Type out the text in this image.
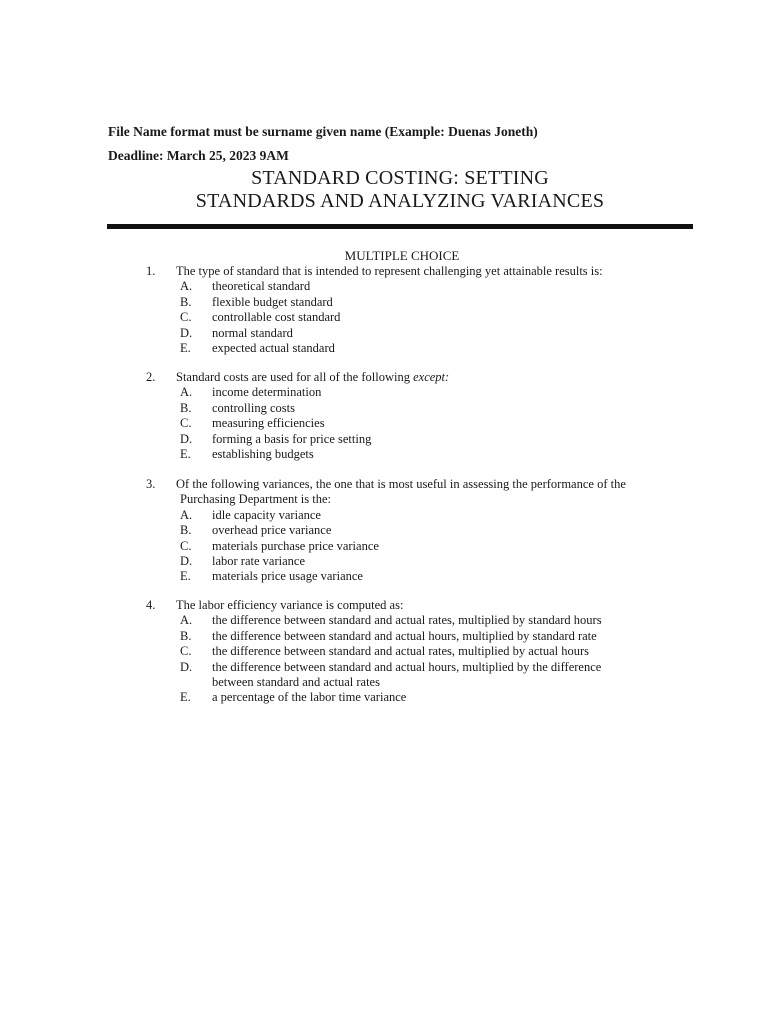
File Name format must be surname given name (Example: Duenas Joneth)
Deadline: March 25, 2023 9AM
STANDARD COSTING: SETTING
STANDARDS AND ANALYZING VARIANCES
MULTIPLE CHOICE
1. The type of standard that is intended to represent challenging yet attainable results is:
A. theoretical standard
B. flexible budget standard
C. controllable cost standard
D. normal standard
E. expected actual standard
2. Standard costs are used for all of the following except:
A. income determination
B. controlling costs
C. measuring efficiencies
D. forming a basis for price setting
E. establishing budgets
3. Of the following variances, the one that is most useful in assessing the performance of the
Purchasing Department is the:
A. idle capacity variance
B. overhead price variance
C. materials purchase price variance
D. labor rate variance
E. materials price usage variance
4. The labor efficiency variance is computed as:
A. the difference between standard and actual rates, multiplied by standard hours
B. the difference between standard and actual hours, multiplied by standard rate
C. the difference between standard and actual rates, multiplied by actual hours
D. the difference between standard and actual hours, multiplied by the difference
between standard and actual rates
E. a percentage of the labor time variance
